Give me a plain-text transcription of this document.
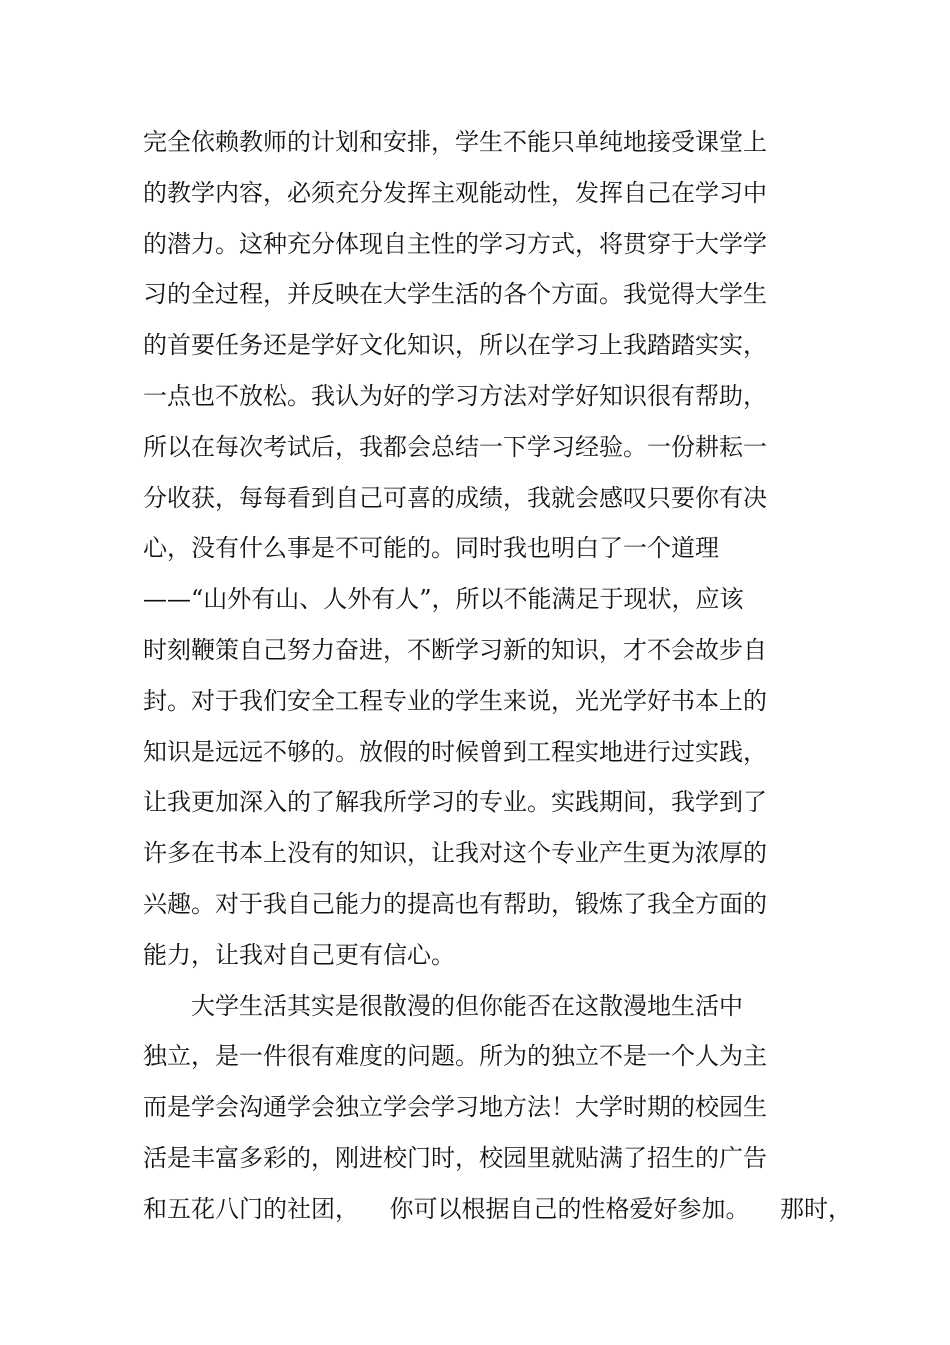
完全依赖教师的计划和安排，学生不能只单纯地接受课堂上
的教学内容，必须充分发挥主观能动性，发挥自己在学习中
的潜力。这种充分体现自主性的学习方式，将贯穿于大学学
习的全过程，并反映在大学生活的各个方面。我觉得大学生
的首要任务还是学好文化知识，所以在学习上我踏踏实实，
一点也不放松。我认为好的学习方法对学好知识很有帮助，
所以在每次考试后，我都会总结一下学习经验。一份耕耘一
分收获，每每看到自己可喜的成绩，我就会感叹只要你有决
心，没有什么事是不可能的。同时我也明白了一个道理
——“山外有山、人外有人”，所以不能满足于现状，应该
时刻鞭策自己努力奋进，不断学习新的知识，才不会故步自
封。对于我们安全工程专业的学生来说，光光学好书本上的
知识是远远不够的。放假的时候曾到工程实地进行过实践，
让我更加深入的了解我所学习的专业。实践期间，我学到了
许多在书本上没有的知识，让我对这个专业产生更为浓厚的
兴趣。对于我自己能力的提高也有帮助，锻炼了我全方面的
能力，让我对自己更有信心。
大学生活其实是很散漫的但你能否在这散漫地生活中
独立，是一件很有难度的问题。所为的独立不是一个人为主
而是学会沟通学会独立学会学习地方法！大学时期的校园生
活是丰富多彩的，刚进校门时，校园里就贴满了招生的广告
和五花八门的社团，    你可以根据自己的性格爱好参加。    那时，
